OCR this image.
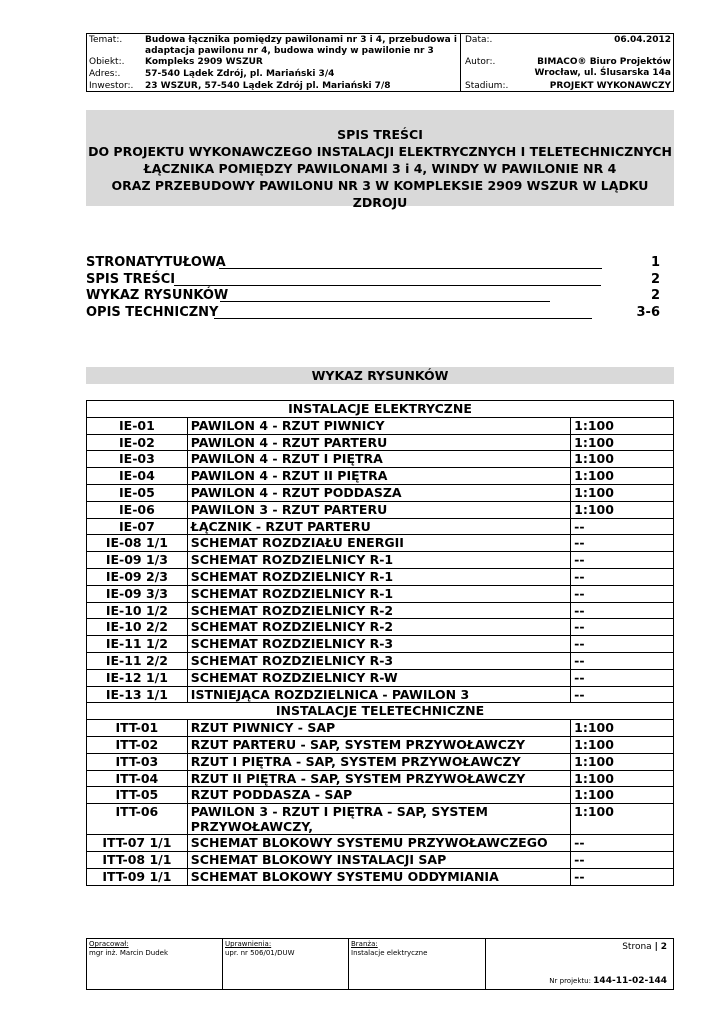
Temat:.	Budowa łącznika pomiędzy pawilonami nr 3 i 4, przebudowa i adaptacja pawilonu nr 4, budowa windy w pawilonie nr 3
Obiekt:.	Kompleks 2909 WSZUR
Adres:.	57-540 Lądek Zdrój, pl. Mariański 3/4
Inwestor:.	23 WSZUR, 57-540 Lądek Zdrój pl. Mariański 7/8
Data:.	06.04.2012
Autor:.	BIMACO® Biuro Projektów
Wrocław, ul. Ślusarska 14a
Stadium:.	PROJEKT WYKONAWCZY
SPIS TREŚCI
DO PROJEKTU WYKONAWCZEGO INSTALACJI ELEKTRYCZNYCH I TELETECHNICZNYCH
ŁĄCZNIKA POMIĘDZY PAWILONAMI 3 i 4, WINDY W PAWILONIE NR 4
ORAZ PRZEBUDOWY PAWILONU NR 3 W KOMPLEKSIE 2909 WSZUR W LĄDKU ZDROJU
STRONATYTUŁOWA	1
SPIS TREŚCI	2
WYKAZ RYSUNKÓW	2
OPIS TECHNICZNY	3-6
WYKAZ RYSUNKÓW
INSTALACJE ELEKTRYCZNE		
IE-01	PAWILON 4 - RZUT PIWNICY	1:100
IE-02	PAWILON 4 - RZUT PARTERU	1:100
IE-03	PAWILON 4 - RZUT I PIĘTRA	1:100
IE-04	PAWILON 4 - RZUT II PIĘTRA	1:100
IE-05	PAWILON 4 - RZUT PODDASZA	1:100
IE-06	PAWILON 3 - RZUT PARTERU	1:100
IE-07	ŁĄCZNIK - RZUT PARTERU	--
IE-08 1/1	SCHEMAT ROZDZIAŁU ENERGII	--
IE-09 1/3	SCHEMAT ROZDZIELNICY R-1	--
IE-09 2/3	SCHEMAT ROZDZIELNICY R-1	--
IE-09 3/3	SCHEMAT ROZDZIELNICY R-1	--
IE-10 1/2	SCHEMAT ROZDZIELNICY R-2	--
IE-10 2/2	SCHEMAT ROZDZIELNICY R-2	--
IE-11 1/2	SCHEMAT ROZDZIELNICY R-3	--
IE-11 2/2	SCHEMAT ROZDZIELNICY R-3	--
IE-12 1/1	SCHEMAT ROZDZIELNICY R-W	--
IE-13 1/1	ISTNIEJĄCA ROZDZIELNICA - PAWILON 3	--
INSTALACJE TELETECHNICZNE		
ITT-01	RZUT PIWNICY - SAP	1:100
ITT-02	RZUT PARTERU - SAP, SYSTEM PRZYWOŁAWCZY	1:100
ITT-03	RZUT I PIĘTRA - SAP, SYSTEM PRZYWOŁAWCZY	1:100
ITT-04	RZUT II PIĘTRA - SAP, SYSTEM PRZYWOŁAWCZY	1:100
ITT-05	RZUT PODDASZA - SAP	1:100
ITT-06	PAWILON 3 - RZUT I PIĘTRA - SAP, SYSTEM PRZYWOŁAWCZY,	1:100
ITT-07 1/1	SCHEMAT BLOKOWY SYSTEMU PRZYWOŁAWCZEGO	--
ITT-08 1/1	SCHEMAT BLOKOWY INSTALACJI SAP	--
ITT-09 1/1	SCHEMAT BLOKOWY SYSTEMU ODDYMIANIA	--
Opracował:
mgr inż. Marcin Dudek
Uprawnienia:
upr. nr 506/01/DUW
Branża:
Instalacje elektryczne
Strona | 2
Nr projektu: 144-11-02-144
